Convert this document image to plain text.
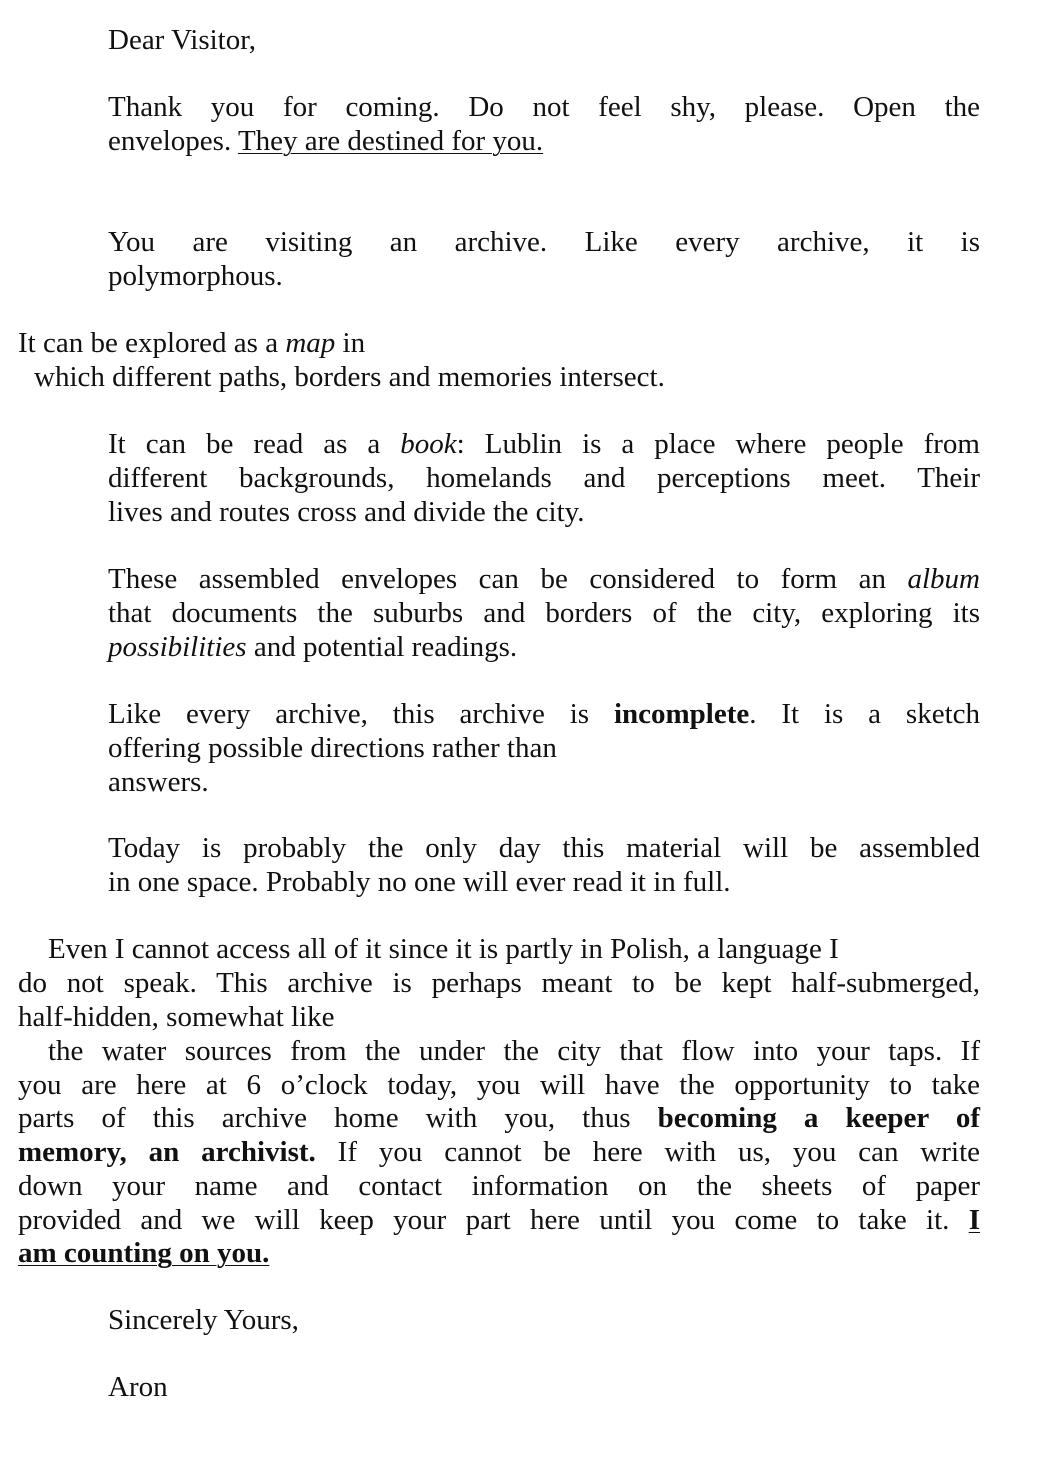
Dear Visitor,

Thank you for coming. Do not feel shy, please. Open the

envelopes. They are destined for you.

You are visiting an archive. Like every archive, it is

polymorphous.

It can be explored as a map in

which different paths, borders and memories intersect.

It can be read as a book: Lublin is a place where people from

different backgrounds, homelands and perceptions meet. Their

lives and routes cross and divide the city.

These assembled envelopes can be considered to form an album

that documents the suburbs and borders of the city, exploring its

possibilities and potential readings.

Like every archive, this archive is incomplete. It is a sketch

offering possible directions rather than

answers.

Today is probably the only day this material will be assembled

in one space. Probably no one will ever read it in full.

Even I cannot access all of it since it is partly in Polish, a language I

do not speak. This archive is perhaps meant to be kept half-submerged,

half-hidden, somewhat like

the water sources from the under the city that flow into your taps. If

you are here at 6 o’clock today, you will have the opportunity to take

parts of this archive home with you, thus becoming a keeper of

memory, an archivist. If you cannot be here with us, you can write

down your name and contact information on the sheets of paper

provided and we will keep your part here until you come to take it. I

am counting on you.

Sincerely Yours,

Aron
